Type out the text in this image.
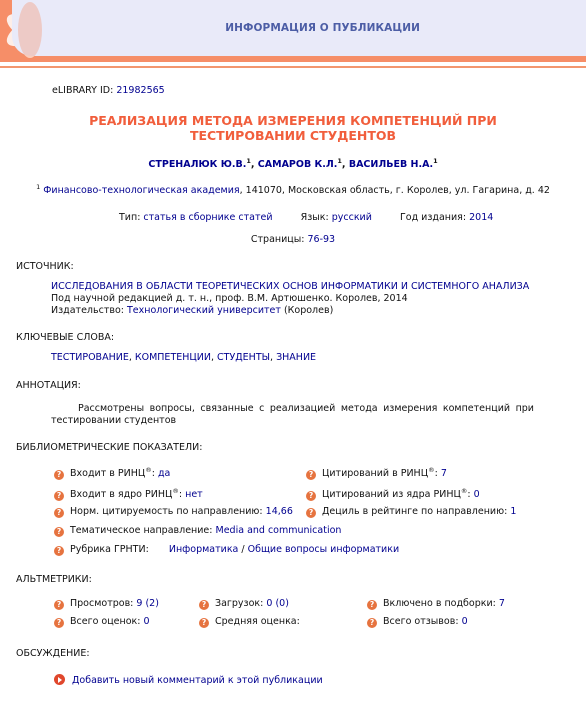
ИНФОРМАЦИЯ О ПУБЛИКАЦИИ
eLIBRARY ID: 21982565
РЕАЛИЗАЦИЯ МЕТОДА ИЗМЕРЕНИЯ КОМПЕТЕНЦИЙ ПРИ ТЕСТИРОВАНИИ СТУДЕНТОВ
СТРЕНАЛЮК Ю.В.$^1$, САМАРОВ К.Л.$^1$, ВАСИЛЬЕВ Н.А.$^1$
$^1$ Финансово-технологическая академия, 141070, Московская область, г. Королев, ул. Гагарина, д. 42
Тип: статья в сборнике статей	Язык: русский	Год издания: 2014
Страницы: 76-93
ИСТОЧНИК:
ИССЛЕДОВАНИЯ В ОБЛАСТИ ТЕОРЕТИЧЕСКИХ ОСНОВ ИНФОРМАТИКИ И СИСТЕМНОГО АНАЛИЗА
Под научной редакцией д. т. н., проф. В.М. Артюшенко. Королев, 2014
Издательство: Технологический университет (Королев)
КЛЮЧЕВЫЕ СЛОВА:
ТЕСТИРОВАНИЕ, КОМПЕТЕНЦИИ, СТУДЕНТЫ, ЗНАНИЕ
АННОТАЦИЯ:
Рассмотрены вопросы, связанные с реализацией метода измерения компетенций при тестировании студентов
БИБЛИОМЕТРИЧЕСКИЕ ПОКАЗАТЕЛИ:
? Входит в РИНЦ®: да	? Цитирований в РИНЦ®: 7
? Входит в ядро РИНЦ®: нет	? Цитирований из ядра РИНЦ®: 0
? Норм. цитируемость по направлению: 14,66	? Дециль в рейтинге по направлению: 1
? Тематическое направление: Media and communication
? Рубрика ГРНТИ: Информатика / Общие вопросы информатики
АЛЬТМЕТРИКИ:
? Просмотров: 9 (2)	? Загрузок: 0 (0)	? Включено в подборки: 7
? Всего оценок: 0	? Средняя оценка:	? Всего отзывов: 0
ОБСУЖДЕНИЕ:
Добавить новый комментарий к этой публикации
